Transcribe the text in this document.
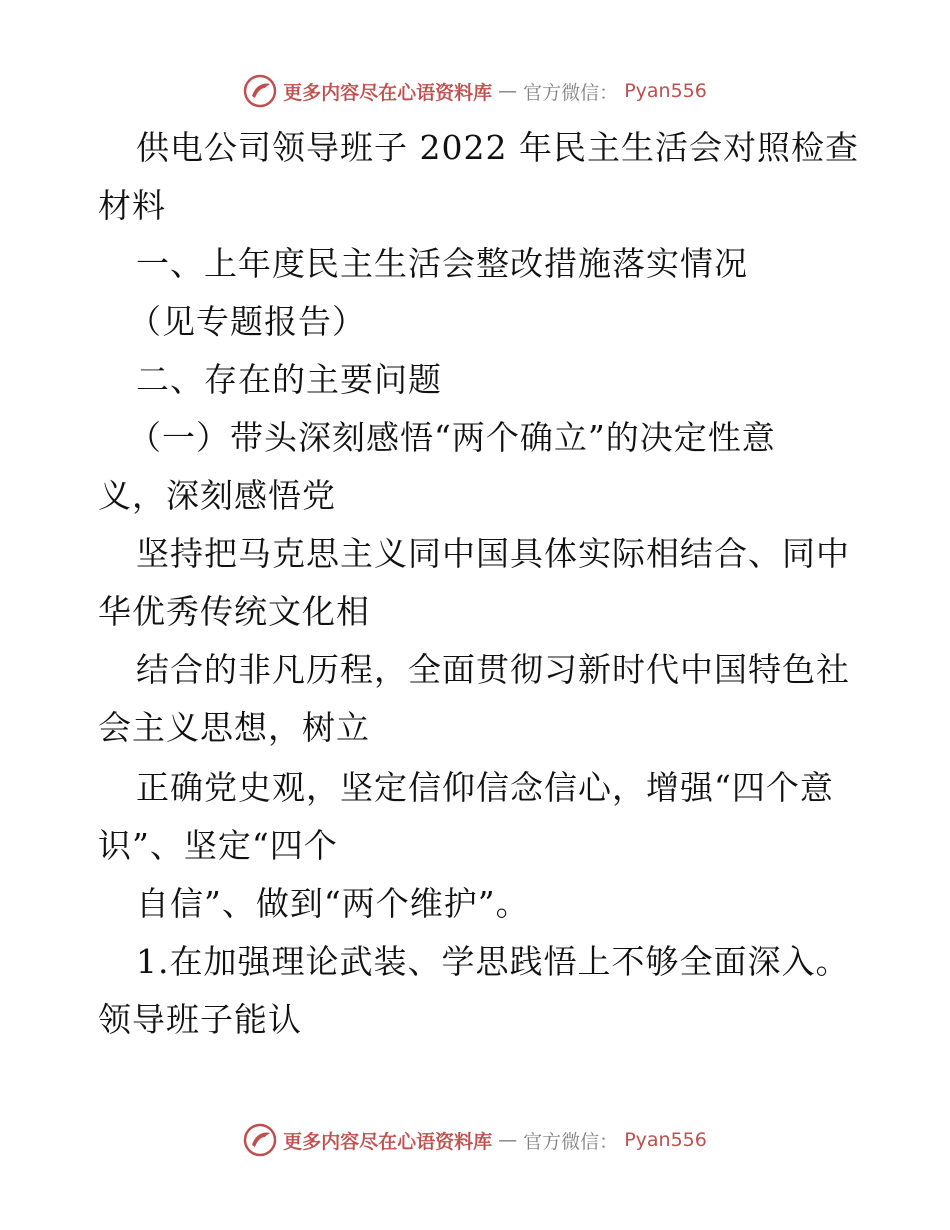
更多内容尽在心语资料库 — 官方微信： Pyan556
供电公司领导班子 2022 年民主生活会对照检查
材料
一、上年度民主生活会整改措施落实情况
（见专题报告）
二、存在的主要问题
（一）带头深刻感悟“两个确立”的决定性意
义，深刻感悟党
坚持把马克思主义同中国具体实际相结合、同中
华优秀传统文化相
结合的非凡历程，全面贯彻习新时代中国特色社
会主义思想，树立
正确党史观，坚定信仰信念信心，增强“四个意
识”、坚定“四个
自信”、做到“两个维护”。
1.在加强理论武装、学思践悟上不够全面深入。
领导班子能认
更多内容尽在心语资料库 — 官方微信： Pyan556
